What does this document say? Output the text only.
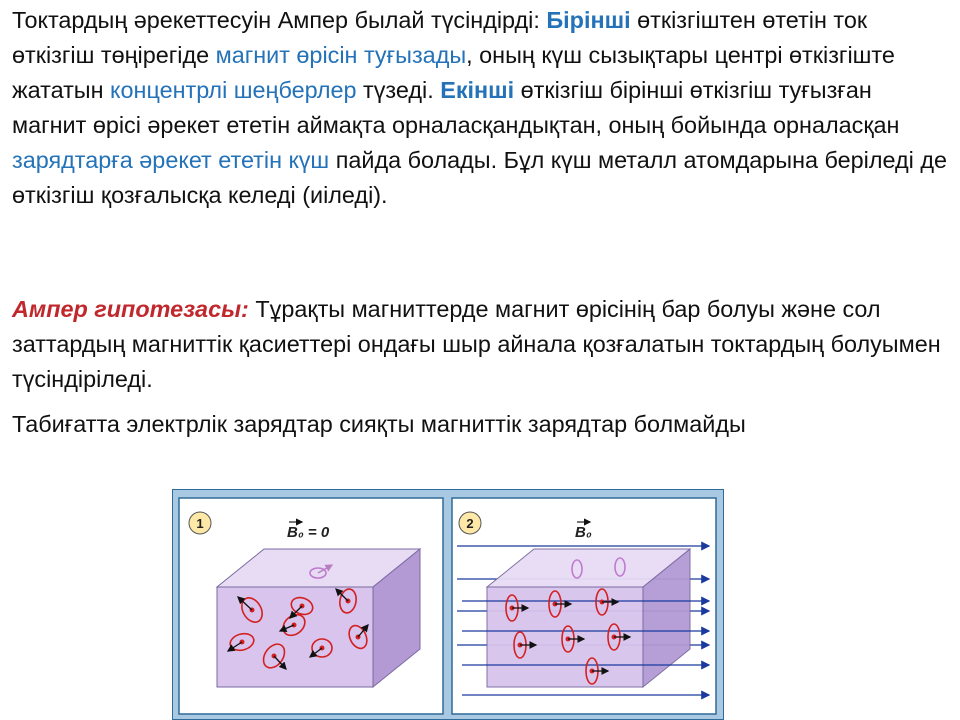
Токтардың әрекеттесуін Ампер былай түсіндірді: Бірінші өткізгіштен өтетін ток өткізгіш төңірегіде магнит өрісін туғызады, оның күш сызықтары центрі өткізгіште жататын концентрлі шеңберлер түзеді. Екінші өткізгіш бірінші өткізгіш туғызған магнит өрісі әрекет ететін аймақта орналасқандықтан, оның бойында орналасқан зарядтарға әрекет ететін күш пайда болады. Бұл күш металл атомдарына беріледі де өткізгіш қозғалысқа келеді (иіледі).

Ампер гипотезасы: Тұрақты магниттерде магнит өрісінің бар болуы және сол заттардың магниттік қасиеттері ондағы шыр айнала қозғалатын токтардың болуымен түсіндіріледі.

Табиғатта электрлік зарядтар сияқты магниттік зарядтар болмайды

1
B₀ = 0
2
B₀
